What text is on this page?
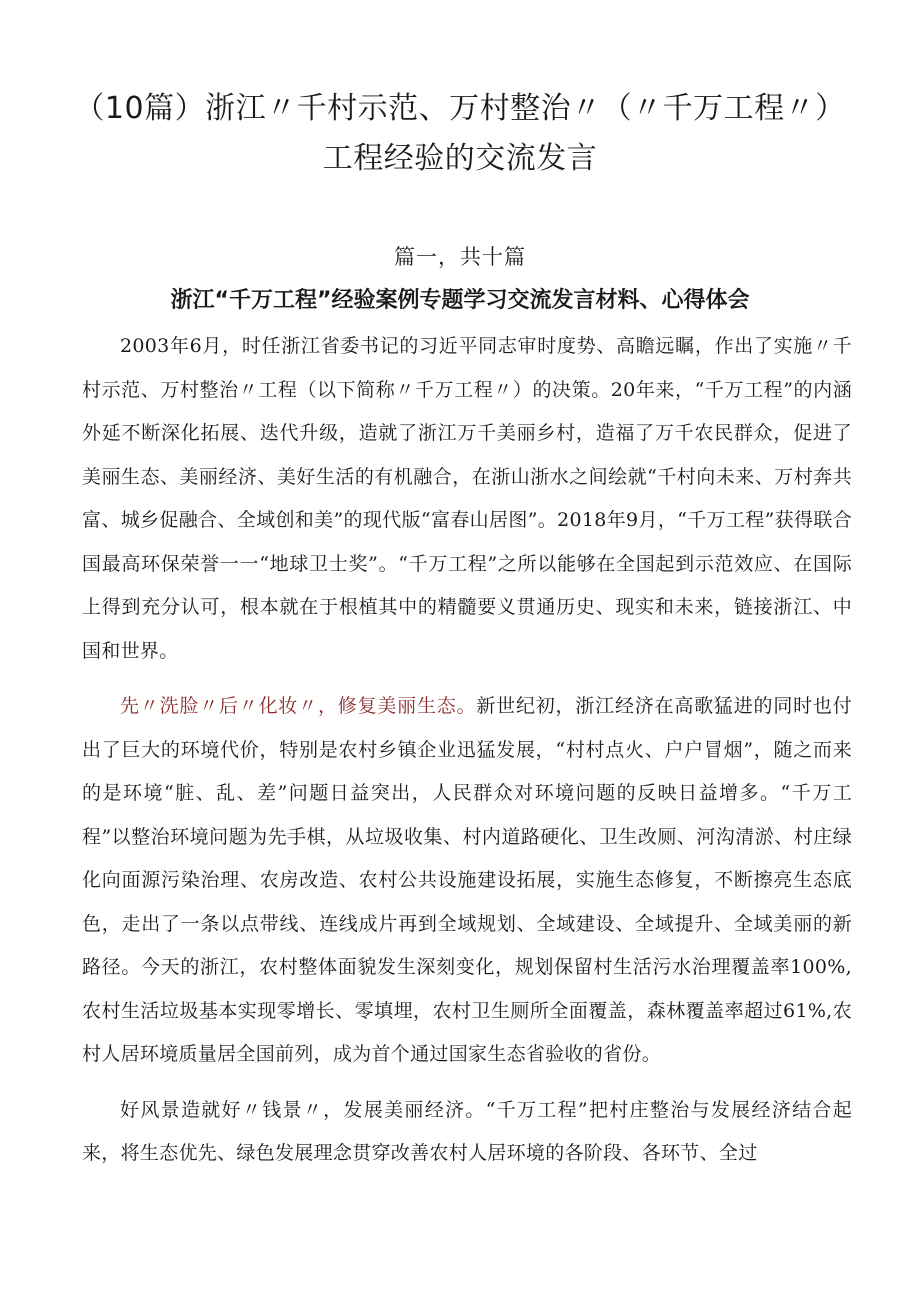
（10篇）浙江〃千村示范、万村整治〃（〃千万工程〃）工程经验的交流发言
篇一，共十篇
浙江“千万工程”经验案例专题学习交流发言材料、心得体会

2003年6月，时任浙江省委书记的习近平同志审时度势、高瞻远瞩，作出了实施〃千村示范、万村整治〃工程（以下简称〃千万工程〃）的决策。20年来，“千万工程”的内涵外延不断深化拓展、迭代升级，造就了浙江万千美丽乡村，造福了万千农民群众，促进了美丽生态、美丽经济、美好生活的有机融合，在浙山浙水之间绘就“千村向未来、万村奔共富、城乡促融合、全域创和美”的现代版“富春山居图”。2018年9月，“千万工程”获得联合国最高环保荣誉一一“地球卫士奖”。“千万工程”之所以能够在全国起到示范效应、在国际上得到充分认可，根本就在于根植其中的精髓要义贯通历史、现实和未来，链接浙江、中国和世界。

先〃洗脸〃后〃化妆〃，修复美丽生态。新世纪初，浙江经济在高歌猛进的同时也付出了巨大的环境代价，特别是农村乡镇企业迅猛发展，“村村点火、户户冒烟”，随之而来的是环境“脏、乱、差”问题日益突出，人民群众对环境问题的反映日益增多。“千万工程”以整治环境问题为先手棋，从垃圾收集、村内道路硬化、卫生改厕、河沟清淤、村庄绿化向面源污染治理、农房改造、农村公共设施建设拓展，实施生态修复，不断擦亮生态底色，走出了一条以点带线、连线成片再到全域规划、全域建设、全域提升、全域美丽的新路径。今天的浙江，农村整体面貌发生深刻变化，规划保留村生活污水治理覆盖率100%,农村生活垃圾基本实现零增长、零填埋，农村卫生厕所全面覆盖，森林覆盖率超过61%,农村人居环境质量居全国前列，成为首个通过国家生态省验收的省份。

好风景造就好〃钱景〃，发展美丽经济。“千万工程”把村庄整治与发展经济结合起来，将生态优先、绿色发展理念贯穿改善农村人居环境的各阶段、各环节、全过
